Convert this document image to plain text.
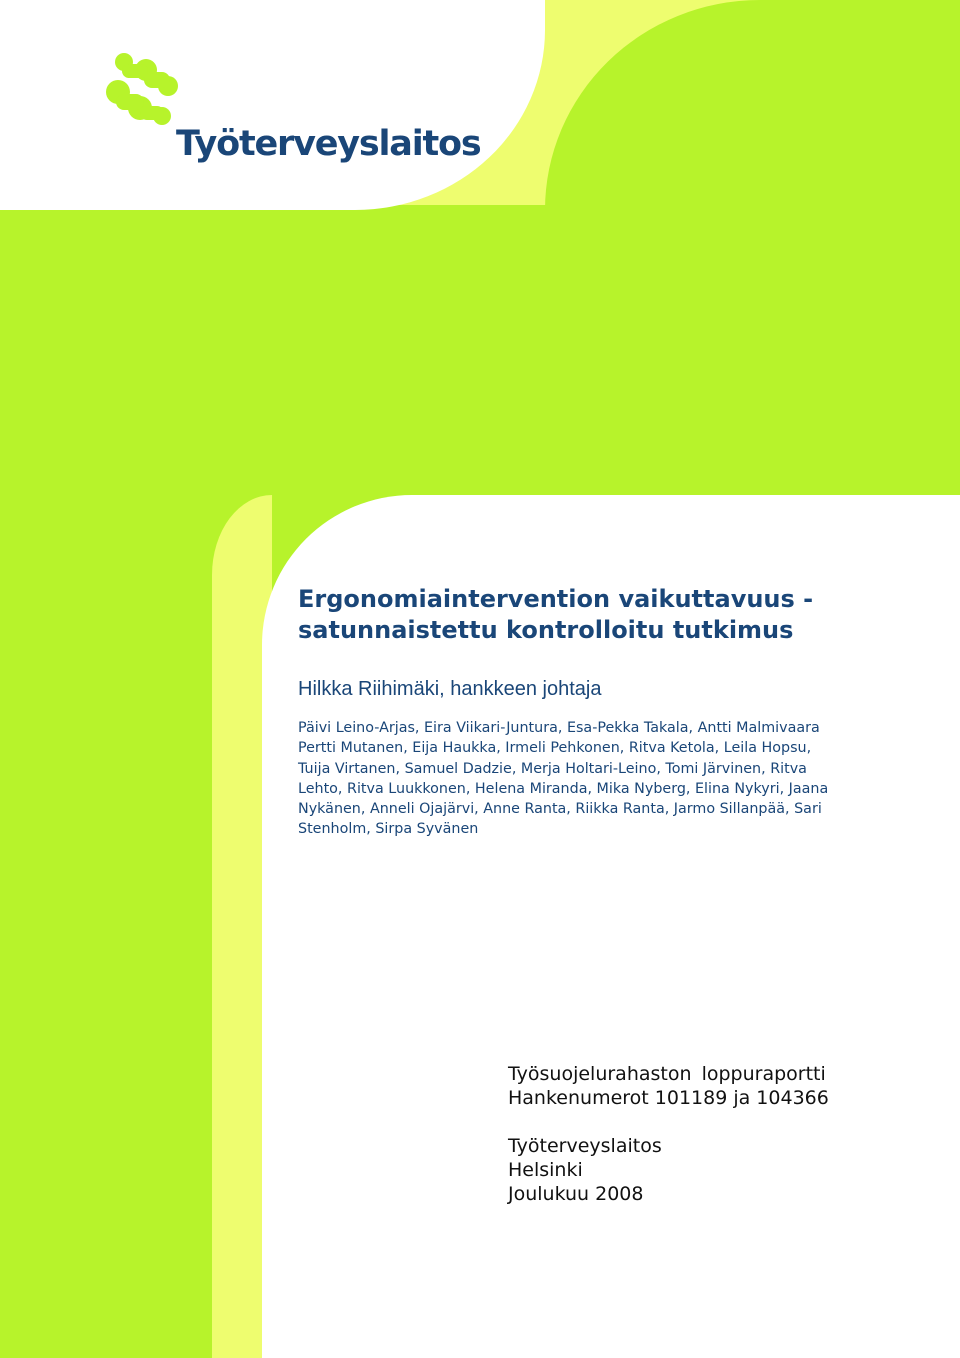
Työterveyslaitos
Ergonomiaintervention vaikuttavuus -
satunnaistettu kontrolloitu tutkimus

Hilkka Riihimäki, hankkeen johtaja

Päivi Leino-Arjas, Eira Viikari-Juntura, Esa-Pekka Takala, Antti Malmivaara
Pertti Mutanen, Eija Haukka, Irmeli Pehkonen, Ritva Ketola, Leila Hopsu,
Tuija Virtanen, Samuel Dadzie, Merja Holtari-Leino, Tomi Järvinen, Ritva
Lehto, Ritva Luukkonen, Helena Miranda, Mika Nyberg, Elina Nykyri, Jaana
Nykänen, Anneli Ojajärvi, Anne Ranta, Riikka Ranta, Jarmo Sillanpää, Sari
Stenholm, Sirpa Syvänen

Työsuojelurahaston loppuraportti
Hankenumerot 101189 ja 104366
Työterveyslaitos
Helsinki
Joulukuu 2008
